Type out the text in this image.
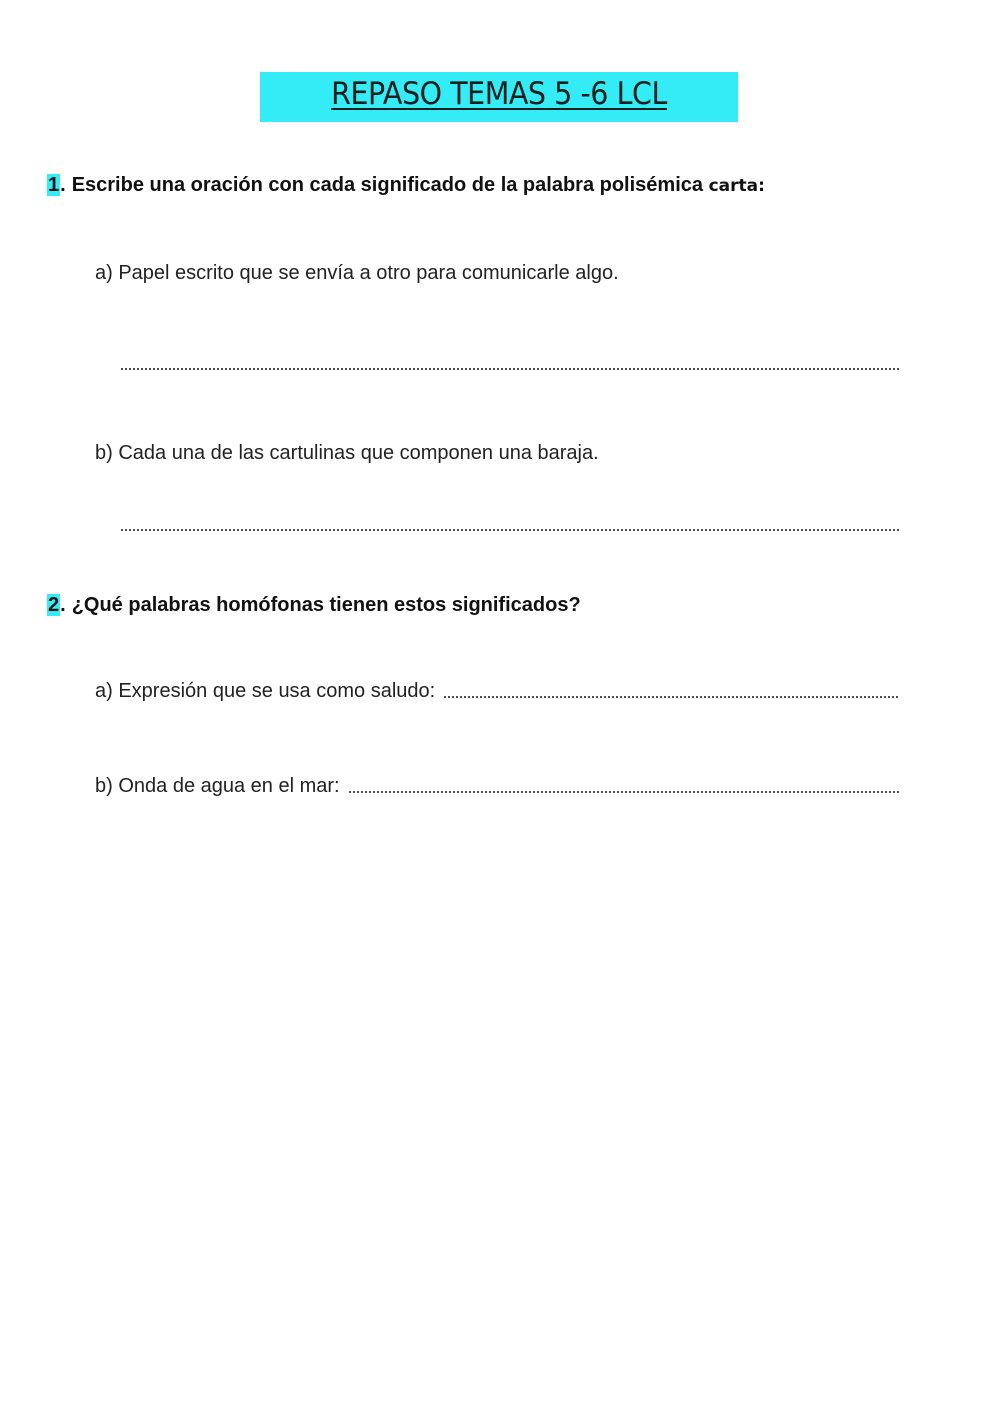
REPASO TEMAS 5 -6 LCL
1. Escribe una oración con cada significado de la palabra polisémica carta:
a) Papel escrito que se envía a otro para comunicarle algo.
b) Cada una de las cartulinas que componen una baraja.
2. ¿Qué palabras homófonas tienen estos significados?
a) Expresión que se usa como saludo:
b) Onda de agua en el mar:
